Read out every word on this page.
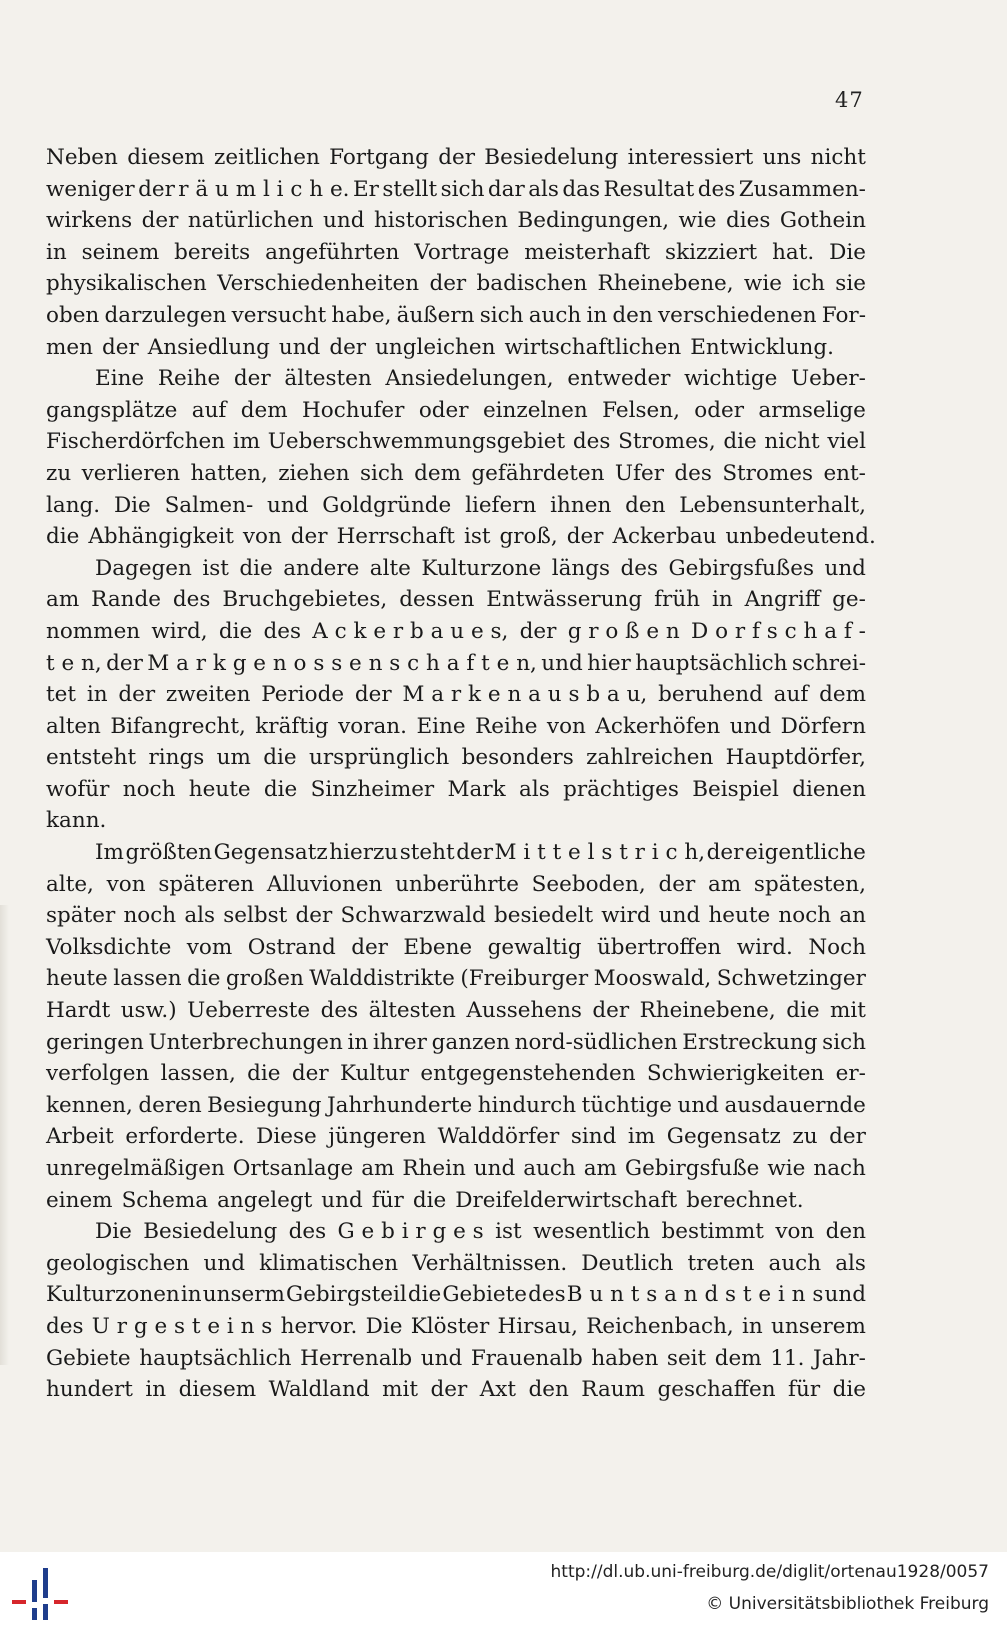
47
Neben diesem zeitlichen Fortgang der Besiedelung interessiert uns nicht
weniger der r ä u m l i c h e. Er stellt sich dar als das Resultat des Zusammen-
wirkens der natürlichen und historischen Bedingungen, wie dies Gothein
in seinem bereits angeführten Vortrage meisterhaft skizziert hat. Die
physikalischen Verschiedenheiten der badischen Rheinebene, wie ich sie
oben darzulegen versucht habe, äußern sich auch in den verschiedenen For-
men der Ansiedlung und der ungleichen wirtschaftlichen Entwicklung.
Eine Reihe der ältesten Ansiedelungen, entweder wichtige Ueber-
gangsplätze auf dem Hochufer oder einzelnen Felsen, oder armselige
Fischerdörfchen im Ueberschwemmungsgebiet des Stromes, die nicht viel
zu verlieren hatten, ziehen sich dem gefährdeten Ufer des Stromes ent-
lang. Die Salmen- und Goldgründe liefern ihnen den Lebensunterhalt,
die Abhängigkeit von der Herrschaft ist groß, der Ackerbau unbedeutend.
Dagegen ist die andere alte Kulturzone längs des Gebirgsfußes und
am Rande des Bruchgebietes, dessen Entwässerung früh in Angriff ge-
nommen wird, die des A c k e r b a u e s, der g r o ß e n D o r f s c h a f -
t e n, der M a r k g e n o s s e n s c h a f t e n, und hier hauptsächlich schrei-
tet in der zweiten Periode der M a r k e n a u s b a u, beruhend auf dem
alten Bifangrecht, kräftig voran. Eine Reihe von Ackerhöfen und Dörfern
entsteht rings um die ursprünglich besonders zahlreichen Hauptdörfer,
wofür noch heute die Sinzheimer Mark als prächtiges Beispiel dienen
kann.
Im größten Gegensatz hierzu steht der M i t t e l s t r i c h, der eigentliche
alte, von späteren Alluvionen unberührte Seeboden, der am spätesten,
später noch als selbst der Schwarzwald besiedelt wird und heute noch an
Volksdichte vom Ostrand der Ebene gewaltig übertroffen wird. Noch
heute lassen die großen Walddistrikte (Freiburger Mooswald, Schwetzinger
Hardt usw.) Ueberreste des ältesten Aussehens der Rheinebene, die mit
geringen Unterbrechungen in ihrer ganzen nord-südlichen Erstreckung sich
verfolgen lassen, die der Kultur entgegenstehenden Schwierigkeiten er-
kennen, deren Besiegung Jahrhunderte hindurch tüchtige und ausdauernde
Arbeit erforderte. Diese jüngeren Walddörfer sind im Gegensatz zu der
unregelmäßigen Ortsanlage am Rhein und auch am Gebirgsfuße wie nach
einem Schema angelegt und für die Dreifelderwirtschaft berechnet.
Die Besiedelung des G e b i r g e s ist wesentlich bestimmt von den
geologischen und klimatischen Verhältnissen. Deutlich treten auch als
Kulturzonen in unserm Gebirgsteil die Gebiete des B u n t s a n d s t e i n s und
des U r g e s t e i n s hervor. Die Klöster Hirsau, Reichenbach, in unserem
Gebiete hauptsächlich Herrenalb und Frauenalb haben seit dem 11. Jahr-
hundert in diesem Waldland mit der Axt den Raum geschaffen für die
http://dl.ub.uni-freiburg.de/diglit/ortenau1928/0057
© Universitätsbibliothek Freiburg
